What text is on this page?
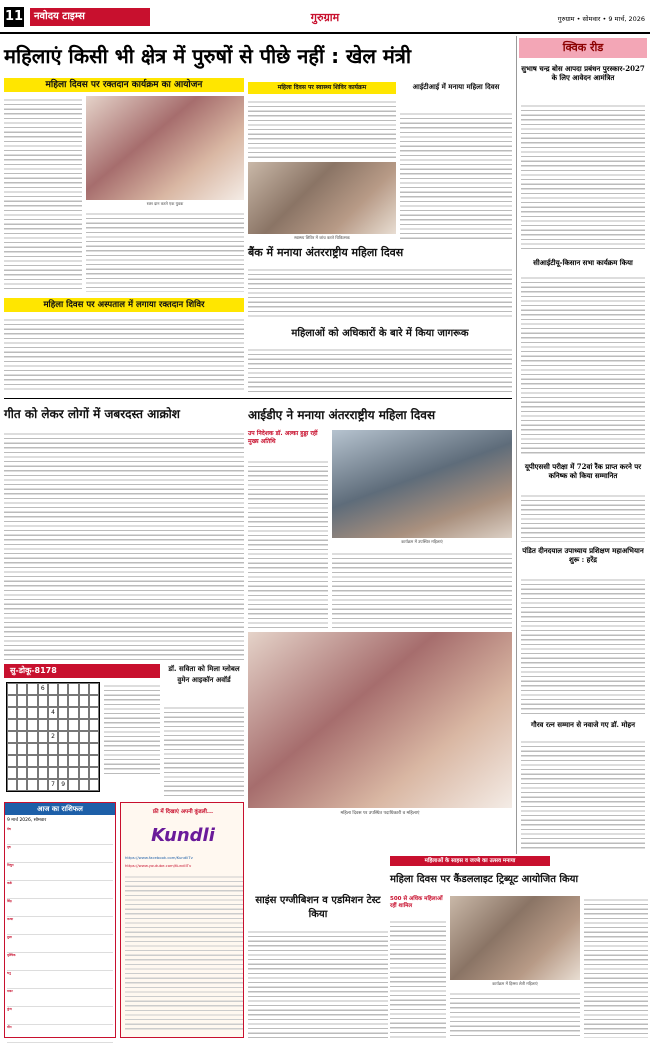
11	नवोदय टाइम्स	गुरुग्राम	गुरुग्राम • सोमवार • 9 मार्च, 2026
महिलाएं किसी भी क्षेत्र में पुरुषों से पीछे नहीं : खेल मंत्री	क्विक रीड
सुभाष चन्द्र बोस आपदा प्रबंधन पुरस्कार-2027 के लिए आवेदन आमंत्रित
सीआईटीयू-किसान सभा कार्यक्रम किया
यूपीएससी परीक्षा में 72वां रैंक प्राप्त करने पर कनिष्क को किया सम्मानित
पंडित दीनदयाल उपाध्याय प्रशिक्षण महाअभियान शुरू : हरेंद्र
गौरव रत्न सम्मान से नवाजे गए डॉ. मोहन
महिला दिवस पर रक्तदान कार्यक्रम का आयोजन
रक्त दान करते एक युवक
महिला दिवस पर स्वास्थ्य शिविर कार्यक्रम
स्वास्थ्य शिविर में जांच करते चिकित्सक
आईटीआई में मनाया महिला दिवस
बैंक में मनाया अंतरराष्ट्रीय महिला दिवस
महिला दिवस पर अस्पताल में लगाया रक्तदान शिविर
महिलाओं को अधिकारों के बारे में किया जागरूक
गीत को लेकर लोगों में जबरदस्त आक्रोश	आईडीए ने मनाया अंतरराष्ट्रीय महिला दिवस
उप निदेशक डॉ. अल्का हुड्डा रहीं मुख्य अतिथि
कार्यक्रम में उपस्थित महिलाएं
महिला दिवस पर उपस्थित पदाधिकारी व महिलाएं
सु-डोकू-8178
6
4
2
7	9
डॉ. सविता को मिला ग्लोबल वुमेन आइकॉन अवॉर्ड
आज का राशिफल
9 मार्च 2026, सोमवार
मेष
वृष
मिथुन
कर्क
सिंह
कन्या
तुला
वृश्चिक
धनु
मकर
कुंभ
मीन
फ्री में दिखाएं अपनी कुंडली...
Kundli
https://www.facebook.com/KundliTv
https://www.youtube.com/KundliTv
साइंस एग्जीबिशन व एडमिशन टेस्ट किया
महिलाओं के साहस व जज्बे का उत्सव मनाया
महिला दिवस पर कैंडललाइट ट्रिब्यूट आयोजित किया
500 से अधिक महिलाओं रहीं शामिल
कार्यक्रम में हिस्सा लेती महिलाएं
